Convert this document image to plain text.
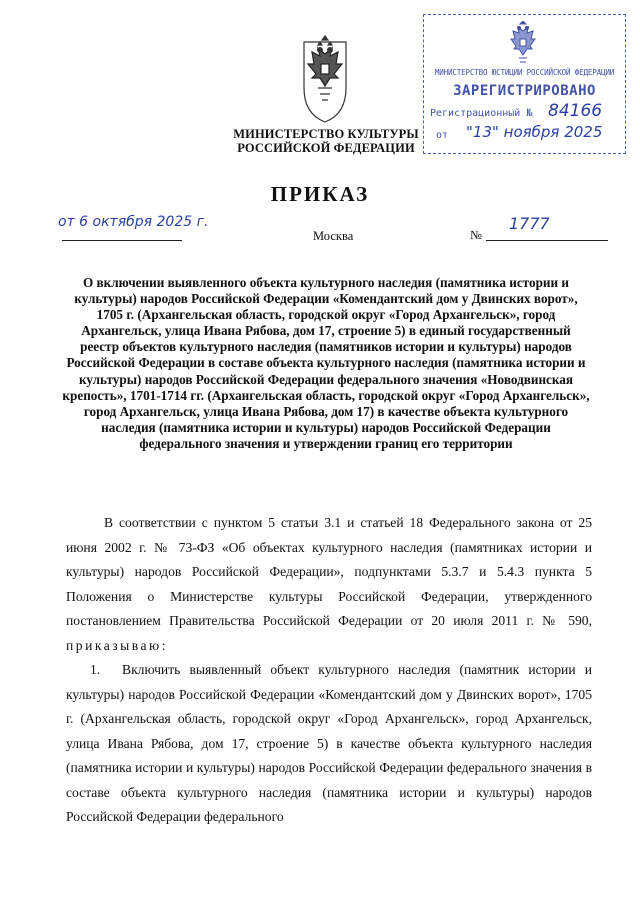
МИНИСТЕРСТВО КУЛЬТУРЫ
РОССИЙСКОЙ ФЕДЕРАЦИИ
МИНИСТЕРСТВО ЮСТИЦИИ РОССИЙСКОЙ ФЕДЕРАЦИИ
ЗАРЕГИСТРИРОВАНО
Регистрационный № 84166
от "13" ноября 2025
ПРИКАЗ
от 6 октября 2025 г.
Москва	№
1777

О включении выявленного объекта культурного наследия (памятника истории и культуры) народов Российской Федерации «Комендантский дом у Двинских ворот», 1705 г. (Архангельская область, городской округ «Город Архангельск», город Архангельск, улица Ивана Рябова, дом 17, строение 5) в единый государственный реестр объектов культурного наследия (памятников истории и культуры) народов Российской Федерации в составе объекта культурного наследия (памятника истории и культуры) народов Российской Федерации федерального значения «Новодвинская крепость», 1701-1714 гг. (Архангельская область, городской округ «Город Архангельск», город Архангельск, улица Ивана Рябова, дом 17) в качестве объекта культурного наследия (памятника истории и культуры) народов Российской Федерации федерального значения и утверждении границ его территории

В соответствии с пунктом 5 статьи 3.1 и статьей 18 Федерального закона от 25 июня 2002 г. № 73-ФЗ «Об объектах культурного наследия (памятниках истории и культуры) народов Российской Федерации», подпунктами 5.3.7 и 5.4.3 пункта 5 Положения о Министерстве культуры Российской Федерации, утвержденного постановлением Правительства Российской Федерации от 20 июля 2011 г. № 590, приказываю:

1. Включить выявленный объект культурного наследия (памятник истории и культуры) народов Российской Федерации «Комендантский дом у Двинских ворот», 1705 г. (Архангельская область, городской округ «Город Архангельск», город Архангельск, улица Ивана Рябова, дом 17, строение 5) в качестве объекта культурного наследия (памятника истории и культуры) народов Российской Федерации федерального значения в составе объекта культурного наследия (памятника истории и культуры) народов Российской Федерации федерального
